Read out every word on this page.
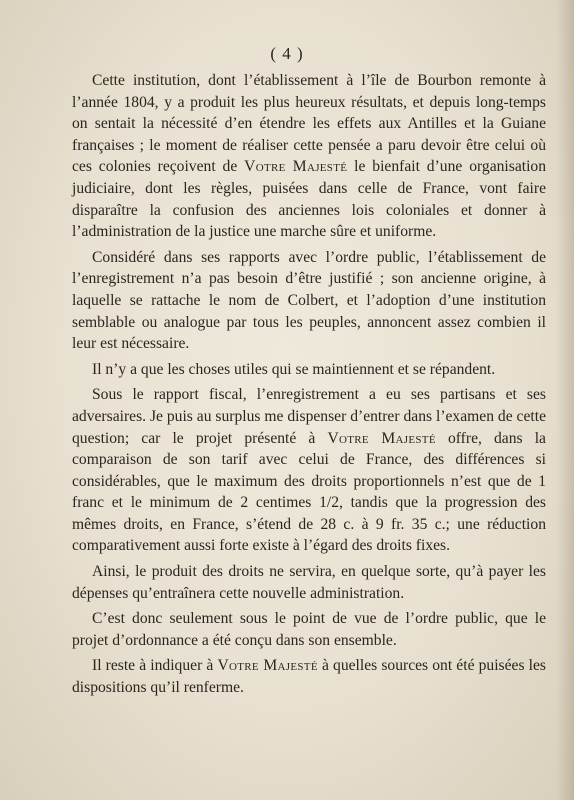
( 4 )

Cette institution, dont l’établissement à l’île de Bourbon remonte à l’année 1804, y a produit les plus heureux résultats, et depuis long-temps on sentait la nécessité d’en étendre les effets aux Antilles et la Guiane françaises ; le moment de réaliser cette pensée a paru devoir être celui où ces colonies reçoivent de Votre Majesté le bienfait d’une organisation judiciaire, dont les règles, puisées dans celle de France, vont faire disparaître la confusion des anciennes lois coloniales et donner à l’administration de la justice une marche sûre et uniforme.

Considéré dans ses rapports avec l’ordre public, l’établissement de l’enregistrement n’a pas besoin d’être justifié ; son ancienne origine, à laquelle se rattache le nom de Colbert, et l’adoption d’une institution semblable ou analogue par tous les peuples, annoncent assez combien il leur est nécessaire.

Il n’y a que les choses utiles qui se maintiennent et se répandent.

Sous le rapport fiscal, l’enregistrement a eu ses partisans et ses adversaires. Je puis au surplus me dispenser d’entrer dans l’examen de cette question; car le projet présenté à Votre Majesté offre, dans la comparaison de son tarif avec celui de France, des différences si considérables, que le maximum des droits proportionnels n’est que de 1 franc et le minimum de 2 centimes 1/2, tandis que la progression des mêmes droits, en France, s’étend de 28 c. à 9 fr. 35 c.; une réduction comparativement aussi forte existe à l’égard des droits fixes.

Ainsi, le produit des droits ne servira, en quelque sorte, qu’à payer les dépenses qu’entraînera cette nouvelle administration.

C’est donc seulement sous le point de vue de l’ordre public, que le projet d’ordonnance a été conçu dans son ensemble.

Il reste à indiquer à Votre Majesté à quelles sources ont été puisées les dispositions qu’il renferme.
